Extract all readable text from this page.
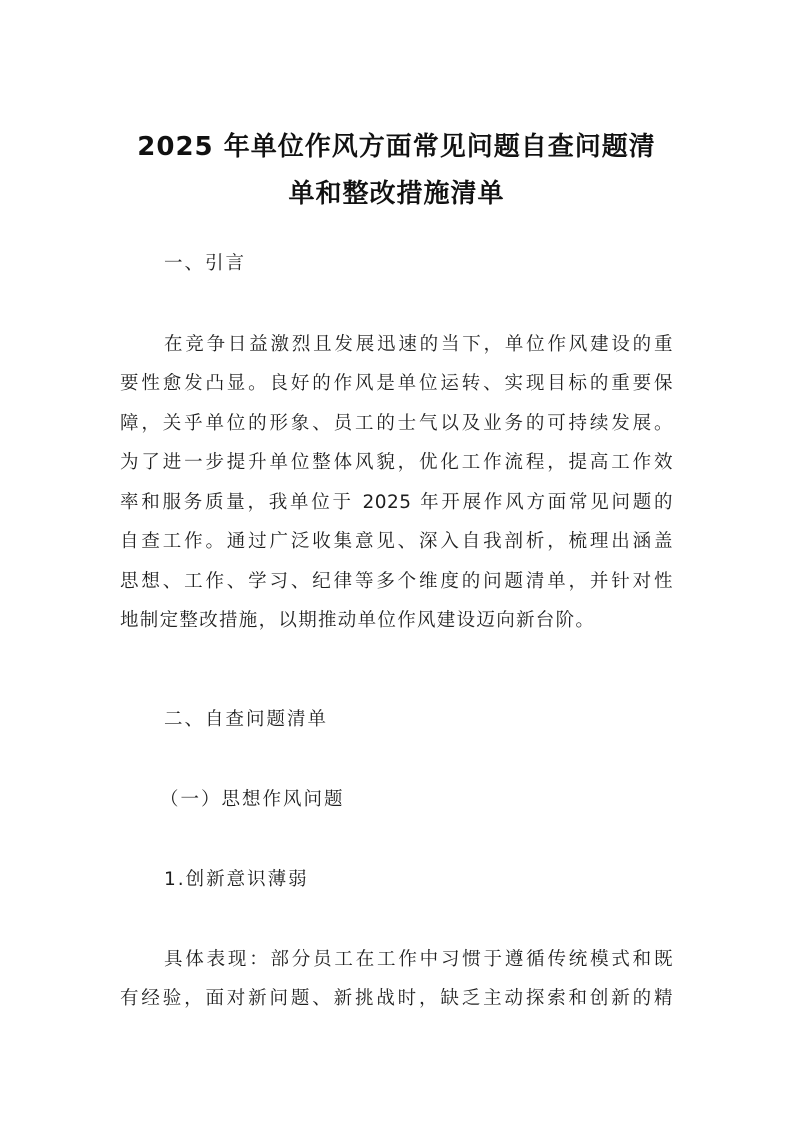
2025 年单位作风方面常见问题自查问题清
单和整改措施清单
一、引言
在竞争日益激烈且发展迅速的当下，单位作风建设的重
要性愈发凸显。良好的作风是单位运转、实现目标的重要保
障，关乎单位的形象、员工的士气以及业务的可持续发展。
为了进一步提升单位整体风貌，优化工作流程，提高工作效
率和服务质量，我单位于 2025 年开展作风方面常见问题的
自查工作。通过广泛收集意见、深入自我剖析，梳理出涵盖
思想、工作、学习、纪律等多个维度的问题清单，并针对性
地制定整改措施，以期推动单位作风建设迈向新台阶。
二、自查问题清单
（一）思想作风问题
1.创新意识薄弱
具体表现：部分员工在工作中习惯于遵循传统模式和既
有经验，面对新问题、新挑战时，缺乏主动探索和创新的精
